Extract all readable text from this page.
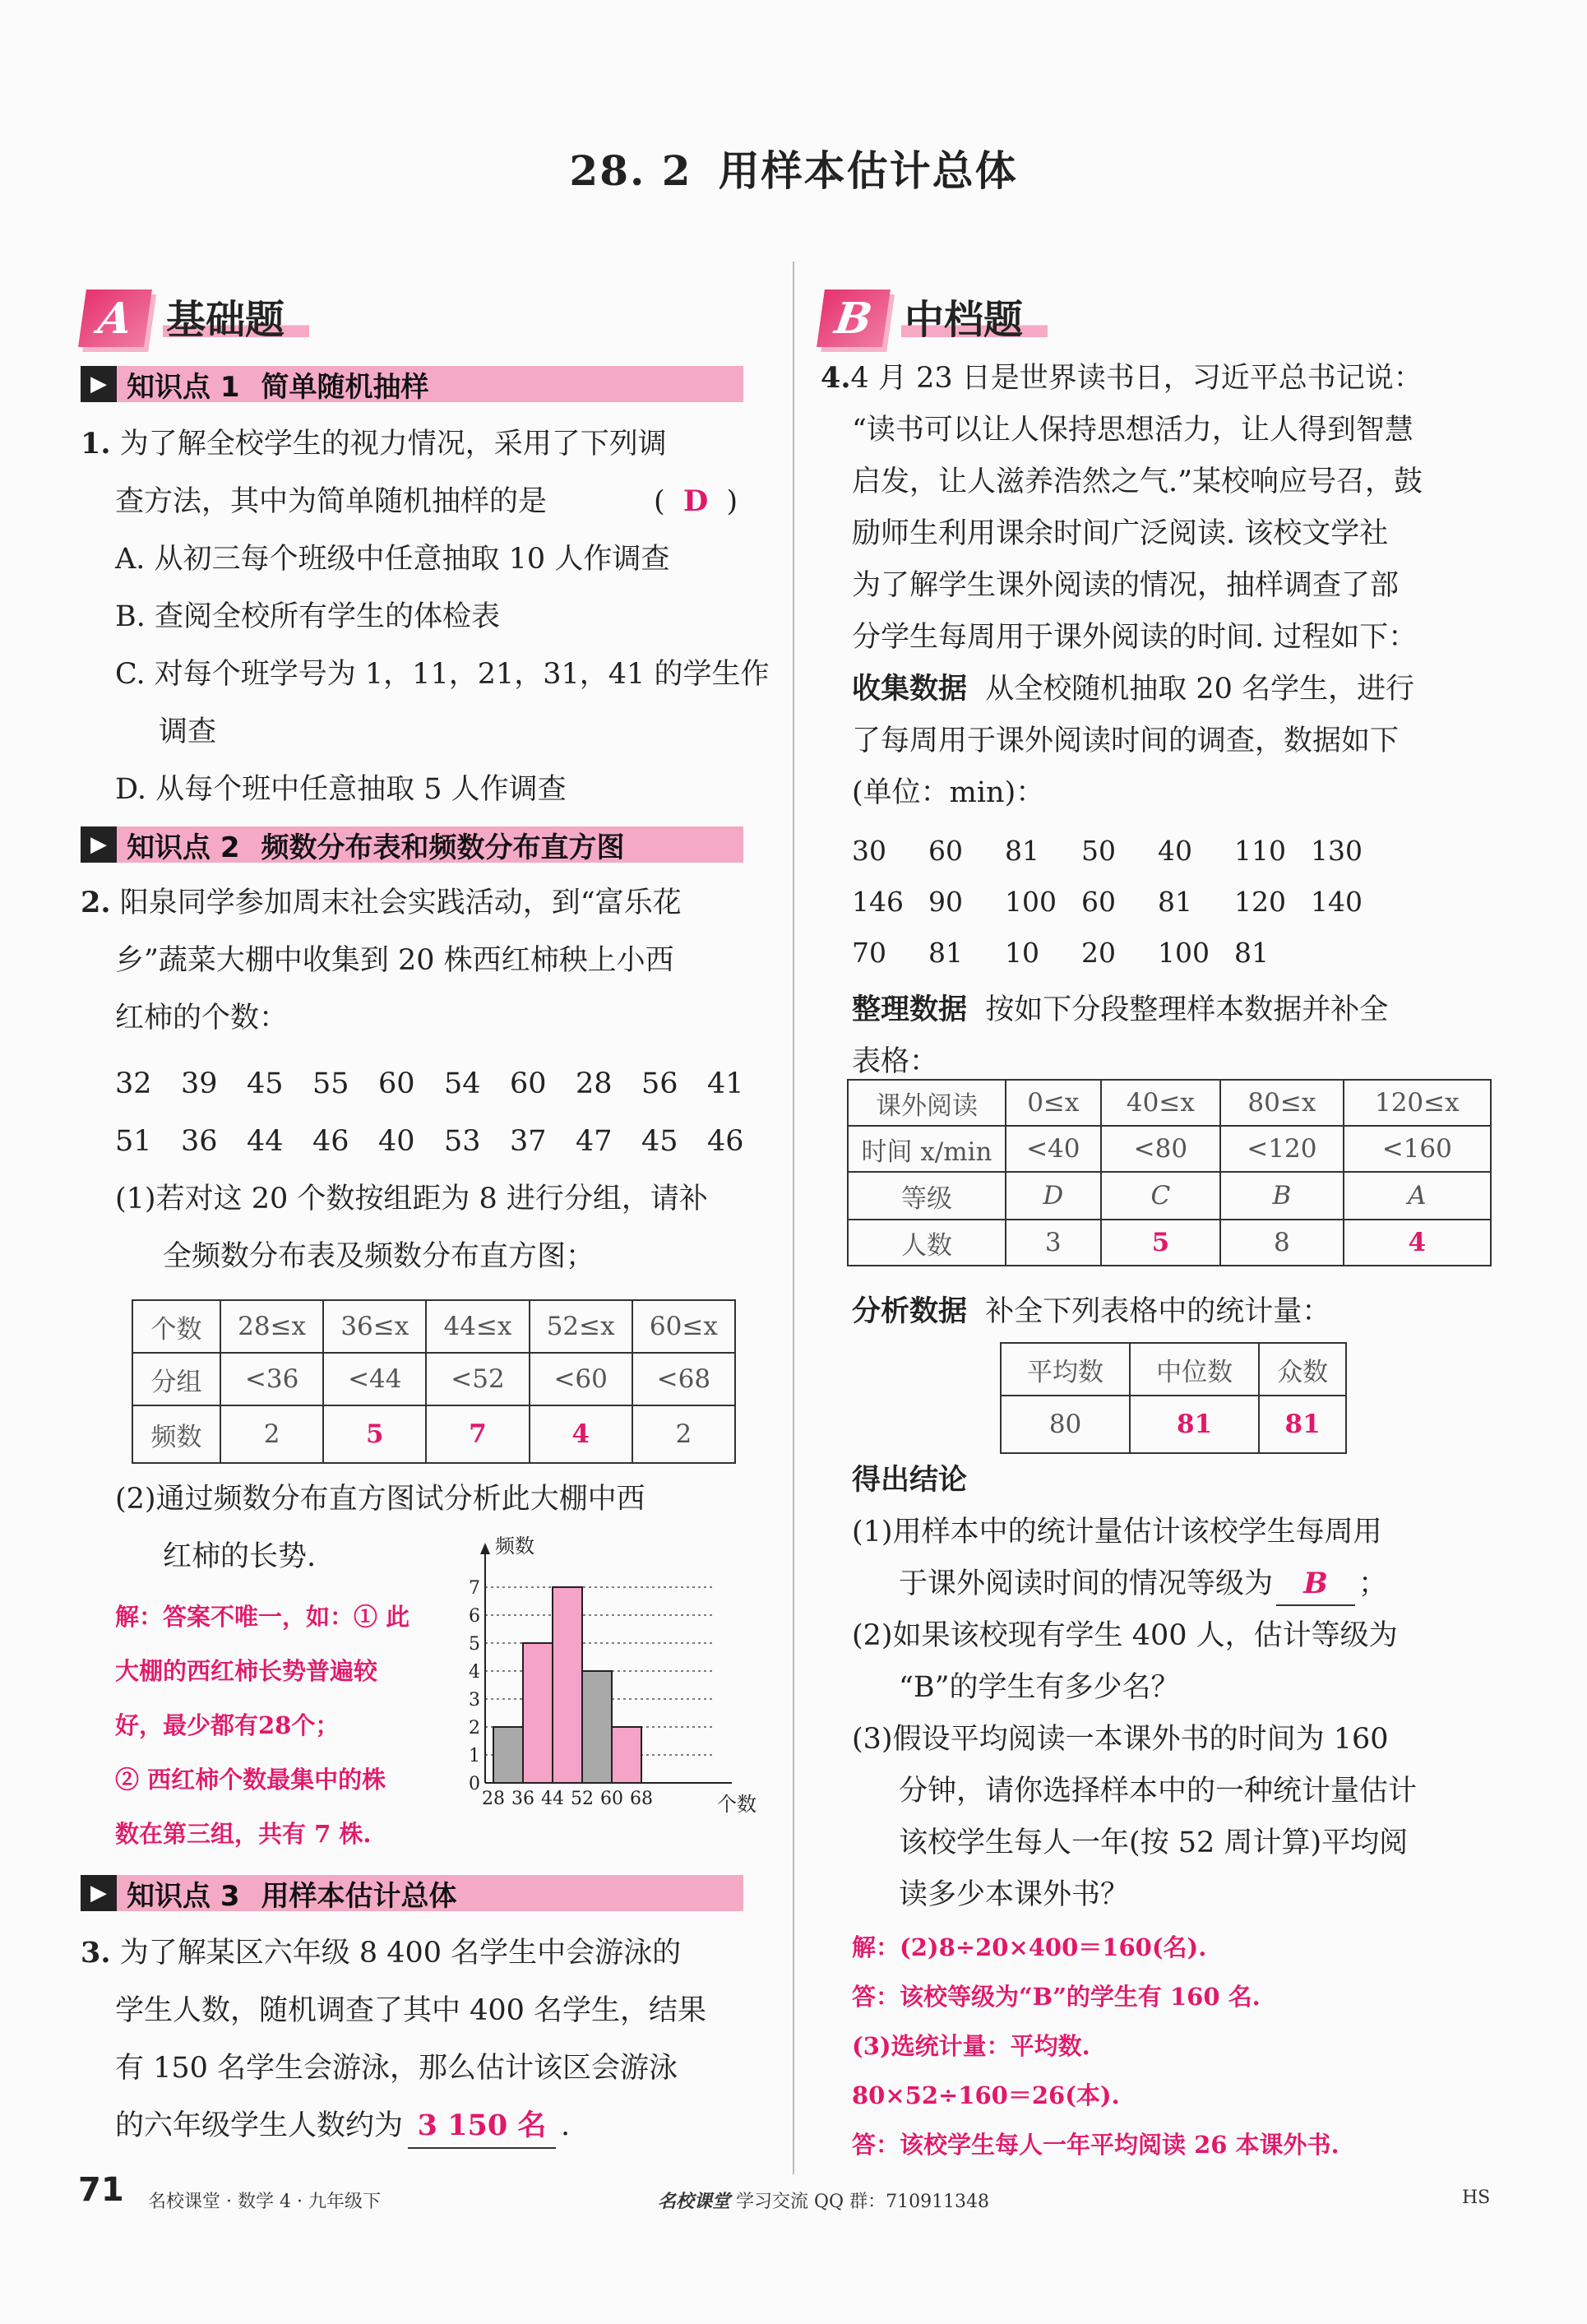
28. 2 用样本估计总体
A 基础题	B 中档题
▶ 知识点 1 简单随机抽样
1. 为了解全校学生的视力情况，采用了下列调
查方法，其中为简单随机抽样的是	( D )
A. 从初三每个班级中任意抽取 10 人作调查
B. 查阅全校所有学生的体检表
C. 对每个班学号为 1，11，21，31，41 的学生作
调查
D. 从每个班中任意抽取 5 人作调查
▶ 知识点 2 频数分布表和频数分布直方图
2. 阳泉同学参加周末社会实践活动，到“富乐花
乡”蔬菜大棚中收集到 20 株西红柿秧上小西
红柿的个数：
32 39 45 55 60 54 60 28 56 41
51 36 44 46 40 53 37 47 45 46
(1)若对这 20 个数按组距为 8 进行分组，请补
全频数分布表及频数分布直方图；
个数	28≤x	36≤x	44≤x	52≤x	60≤x
分组	<36	<44	<52	<60	<68
频数	2	5	7	4	2
(2)通过频数分布直方图试分析此大棚中西
红柿的长势.
解：答案不唯一，如：① 此
大棚的西红柿长势普遍较
好，最少都有28个；
② 西红柿个数最集中的株
数在第三组，共有 7 株.
0
1
2
3
4
5
6
7
28 36 44 52 60 68
频数
个数
▶ 知识点 3 用样本估计总体
3. 为了解某区六年级 8 400 名学生中会游泳的
学生人数，随机调查了其中 400 名学生，结果
有 150 名学生会游泳，那么估计该区会游泳
的六年级学生人数约为 3 150 名 .
4.4 月 23 日是世界读书日，习近平总书记说：
“读书可以让人保持思想活力，让人得到智慧
启发，让人滋养浩然之气.”某校响应号召，鼓
励师生利用课余时间广泛阅读. 该校文学社
为了解学生课外阅读的情况，抽样调查了部
分学生每周用于课外阅读的时间. 过程如下：
收集数据 从全校随机抽取 20 名学生，进行
了每周用于课外阅读时间的调查，数据如下
(单位：min)：
30 60 81 50 40 110 130
146 90 100 60 81 120 140
70 81 10 20 100 81
整理数据 按如下分段整理样本数据并补全
表格：
课外阅读	0≤x	40≤x	80≤x	120≤x
时间 x/min	<40	<80	<120	<160
等级	D	C	B	A
人数	3	5	8	4
分析数据 补全下列表格中的统计量：
平均数	中位数	众数
80	81	81
得出结论
(1)用样本中的统计量估计该校学生每周用
于课外阅读时间的情况等级为 B ；
(2)如果该校现有学生 400 人，估计等级为
“B”的学生有多少名？
(3)假设平均阅读一本课外书的时间为 160
分钟，请你选择样本中的一种统计量估计
该校学生每人一年(按 52 周计算)平均阅
读多少本课外书？
解：(2)8÷20×400＝160(名).
答：该校等级为“B”的学生有 160 名.
(3)选统计量：平均数.
80×52÷160＝26(本).
答：该校学生每人一年平均阅读 26 本课外书.
71 名校课堂 · 数学 4 · 九年级下	名校课堂 学习交流 QQ 群：710911348	HS
